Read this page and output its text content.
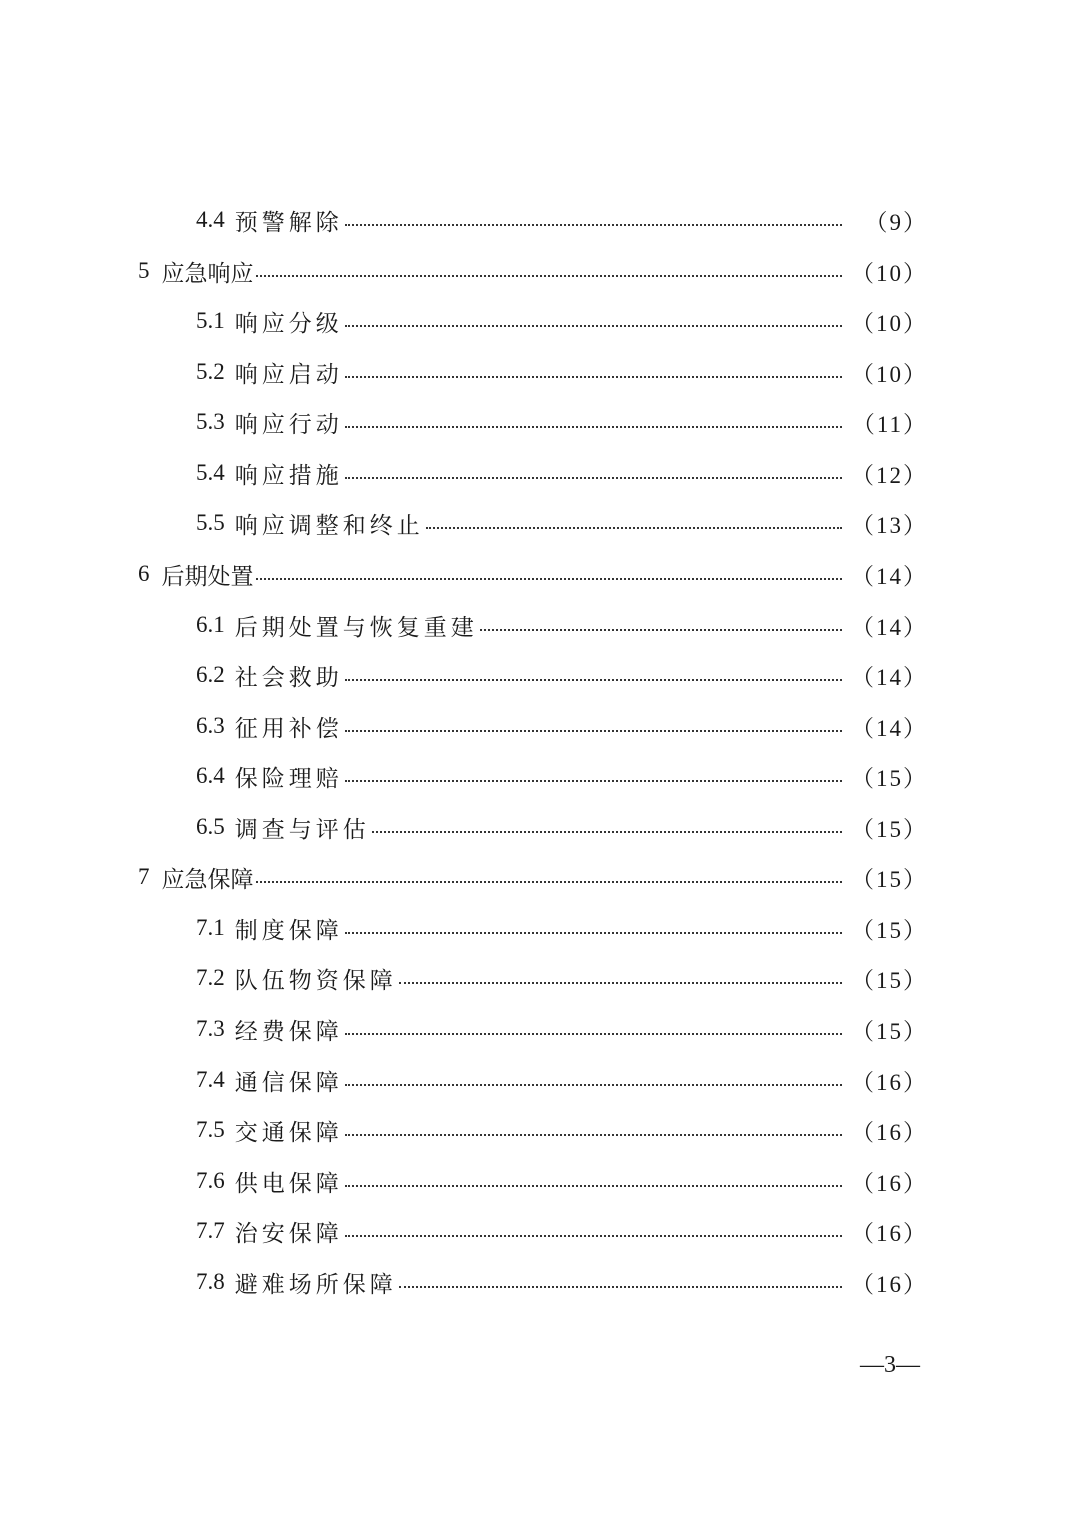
4.4 预警解除	（9）
5 应急响应	（10）
5.1 响应分级	（10）
5.2 响应启动	（10）
5.3 响应行动	（11）
5.4 响应措施	（12）
5.5 响应调整和终止	（13）
6 后期处置	（14）
6.1 后期处置与恢复重建	（14）
6.2 社会救助	（14）
6.3 征用补偿	（14）
6.4 保险理赔	（15）
6.5 调查与评估	（15）
7 应急保障	（15）
7.1 制度保障	（15）
7.2 队伍物资保障	（15）
7.3 经费保障	（15）
7.4 通信保障	（16）
7.5 交通保障	（16）
7.6 供电保障	（16）
7.7 治安保障	（16）
7.8 避难场所保障	（16）
—3—
